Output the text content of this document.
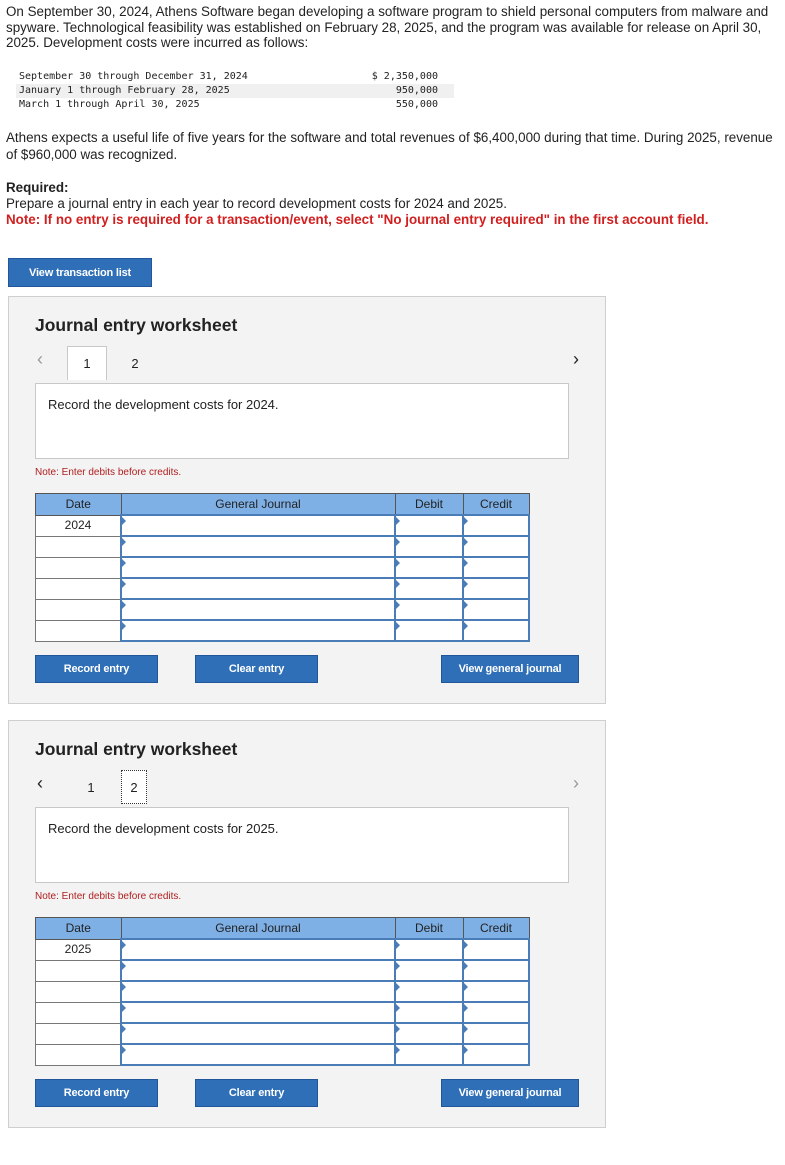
On September 30, 2024, Athens Software began developing a software program to shield personal computers from malware and spyware. Technological feasibility was established on February 28, 2025, and the program was available for release on April 30, 2025. Development costs were incurred as follows:
September 30 through December 31, 2024	$ 2,350,000
January 1 through February 28, 2025	950,000
March 1 through April 30, 2025	550,000
Athens expects a useful life of five years for the software and total revenues of $6,400,000 during that time. During 2025, revenue of $960,000 was recognized.
Required:
Prepare a journal entry in each year to record development costs for 2024 and 2025.
Note: If no entry is required for a transaction/event, select "No journal entry required" in the first account field.
View transaction list
Journal entry worksheet
‹	1	2	›
Record the development costs for 2024.
Note: Enter debits before credits.
Date	General Journal	Debit	Credit
2024			

Record entry	Clear entry	View general journal
Journal entry worksheet
‹	1	2	›
Record the development costs for 2025.
Note: Enter debits before credits.
Date	General Journal	Debit	Credit
2025			

Record entry	Clear entry	View general journal
